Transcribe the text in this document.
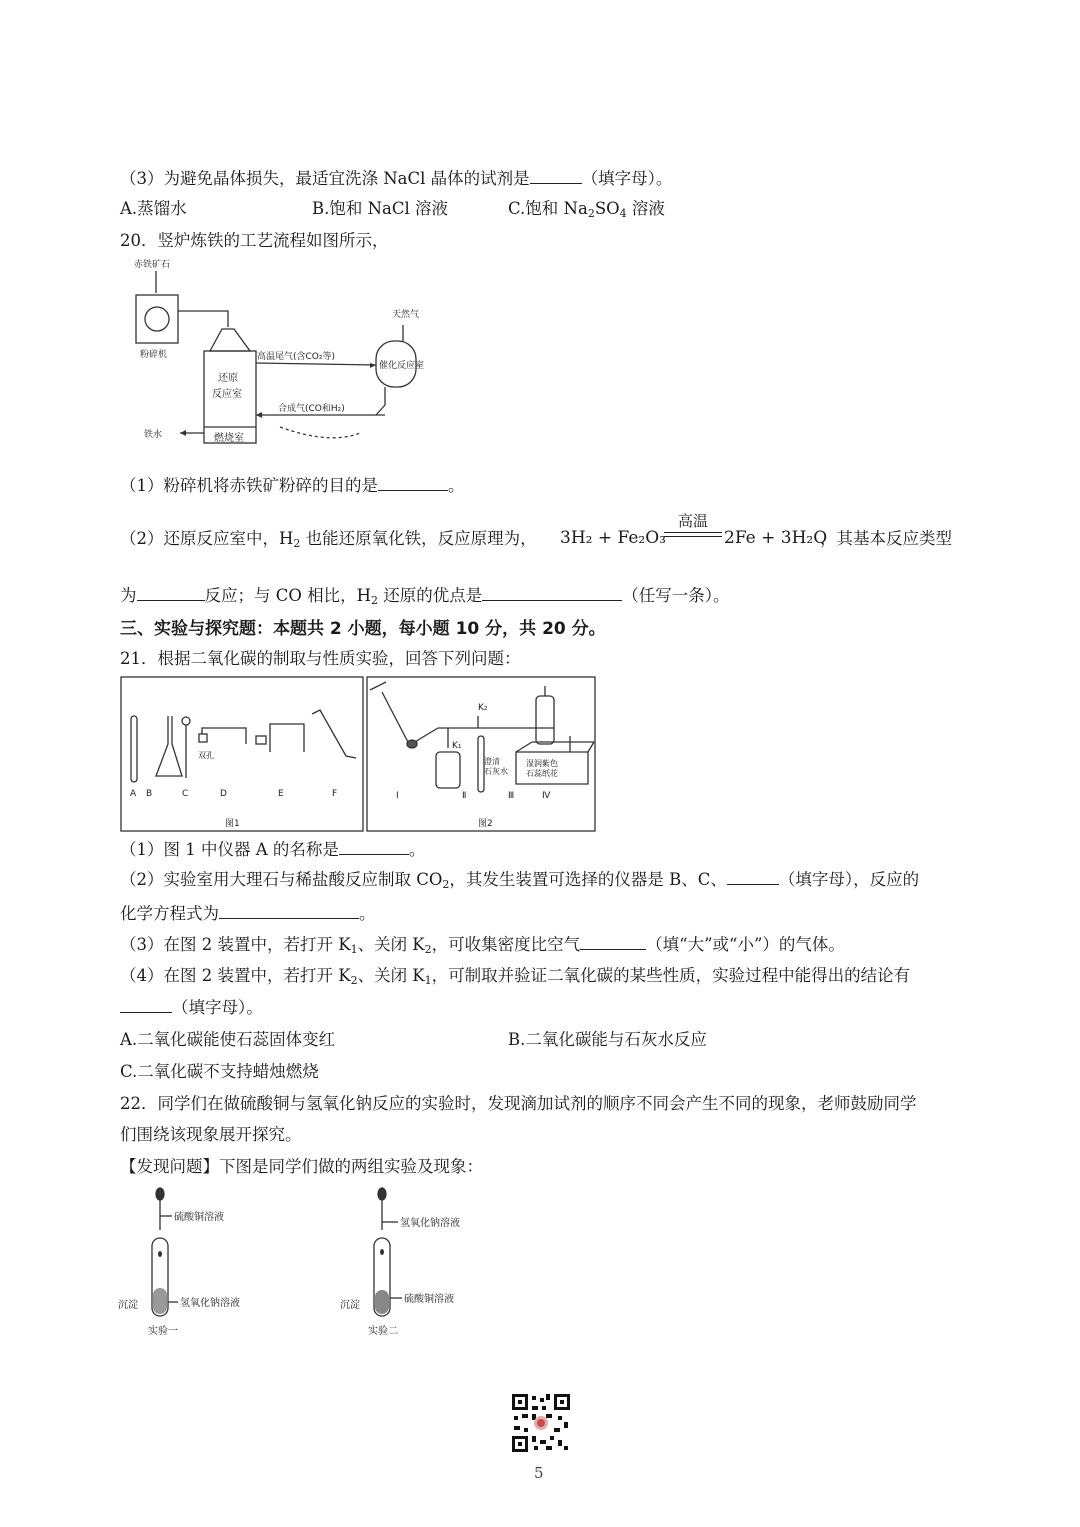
（3）为避免晶体损失，最适宜洗涤 NaCl 晶体的试剂是	（填字母）。
A.蒸馏水	B.饱和 NaCl 溶液	C.饱和 $Na_2SO_4$ 溶液
20．竖炉炼铁的工艺流程如图所示，
赤铁矿石
粉碎机
天然气
高温尾气(含CO₂等)
催化反应室
还原
反应室
合成气(CO和H₂)
铁水	燃烧室
（1）粉碎机将赤铁矿粉碎的目的是	。
（2）还原反应室中，$H_2$ 也能还原氧化铁，反应原理为， 3H₂ + Fe₂O₃
高温
2Fe + 3H₂O
，其基本反应类型
为	反应；与 CO 相比，$H_2$ 还原的优点是	（任写一条）。
三、实验与探究题：本题共 2 小题，每小题 10 分，共 20 分。
21．根据二氧化碳的制取与性质实验，回答下列问题：
A B	C	D	E	F
双孔
图1
K₂
K₁
澄清
石灰水
湿润紫色
石蕊纸花
Ⅰ	Ⅱ	Ⅲ	Ⅳ
图2
（1）图 1 中仪器 A 的名称是	。
（2）实验室用大理石与稀盐酸反应制取 $CO_2$，其发生装置可选择的仪器是 B、C、	（填字母），反应的
化学方程式为	。
（3）在图 2 装置中，若打开 $K_1$、关闭 $K_2$，可收集密度比空气	（填“大”或“小”）的气体。
（4）在图 2 装置中，若打开 $K_2$、关闭 $K_1$，可制取并验证二氧化碳的某些性质，实验过程中能得出的结论有
（填字母）。
A.二氧化碳能使石蕊固体变红	B.二氧化碳能与石灰水反应
C.二氧化碳不支持蜡烛燃烧
22．同学们在做硫酸铜与氢氧化钠反应的实验时，发现滴加试剂的顺序不同会产生不同的现象，老师鼓励同学
们围绕该现象展开探究。
【发现问题】下图是同学们做的两组实验及现象：
硫酸铜溶液
氢氧化钠溶液
沉淀
实验一
氢氧化钠溶液
硫酸铜溶液
沉淀
实验二
5
